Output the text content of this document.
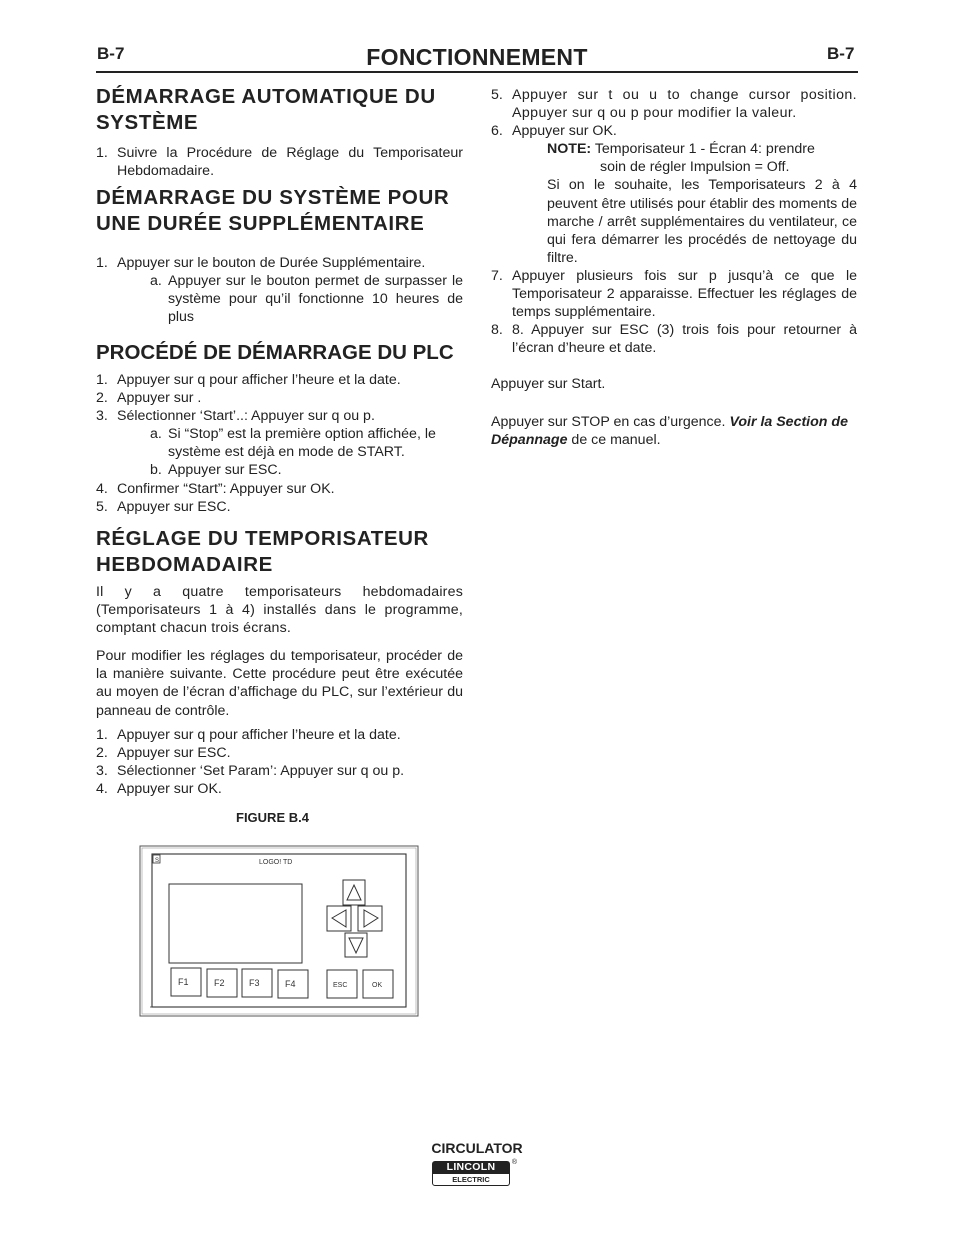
B-7	FONCTIONNEMENT	B-7
DÉMARRAGE AUTOMATIQUE DU SYSTÈME
1. Suivre la Procédure de Réglage du Temporisateur Hebdomadaire.
DÉMARRAGE DU SYSTÈME POUR UNE DURÉE SUPPLÉMENTAIRE
1. Appuyer sur le bouton de Durée Supplémentaire.
a. Appuyer sur le bouton permet de surpasser le système pour qu’il fonctionne 10 heures de plus
PROCÉDÉ DE DÉMARRAGE DU PLC
1. Appuyer sur q pour afficher l’heure et la date.
2. Appuyer sur .
3. Sélectionner ‘Start’..: Appuyer sur q ou p.
a. Si “Stop” est la première option affichée, le système est déjà en mode de START.
b. Appuyer sur ESC.
4. Confirmer “Start”: Appuyer sur OK.
5. Appuyer sur ESC.
RÉGLAGE DU TEMPORISATEUR HEBDOMADAIRE

Il y a quatre temporisateurs hebdomadaires (Temporisateurs 1 à 4) installés dans le programme, comptant chacun trois écrans.

Pour modifier les réglages du temporisateur, procéder de la manière suivante. Cette procédure peut être exécutée au moyen de l’écran d’affichage du PLC, sur l’extérieur du panneau de contrôle.

1. Appuyer sur q pour afficher l’heure et la date.
2. Appuyer sur ESC.
3. Sélectionner ‘Set Param’: Appuyer sur q ou p.
4. Appuyer sur OK.
FIGURE B.4
S	LOGO! TD
F1	F2	F3	F4	ESC	OK
5. Appuyer sur t ou u to change cursor position. Appuyer sur q ou p pour modifier la valeur.
6. Appuyer sur OK.
NOTE: Temporisateur 1 - Écran 4: prendre
soin de régler Impulsion = Off.

Si on le souhaite, les Temporisateurs 2 à 4 peuvent être utilisés pour établir des moments de marche / arrêt supplémentaires du ventilateur, ce qui fera démarrer les procédés de nettoyage du filtre.

7. Appuyer plusieurs fois sur p jusqu’à ce que le Temporisateur 2 apparaisse. Effectuer les réglages de temps supplémentaire.
8. 8. Appuyer sur ESC (3) trois fois pour retourner à l’écran d’heure et date.

Appuyer sur Start.

Appuyer sur STOP en cas d’urgence. Voir la Section de Dépannage de ce manuel.

CIRCULATOR
LINCOLN
ELECTRIC
®
